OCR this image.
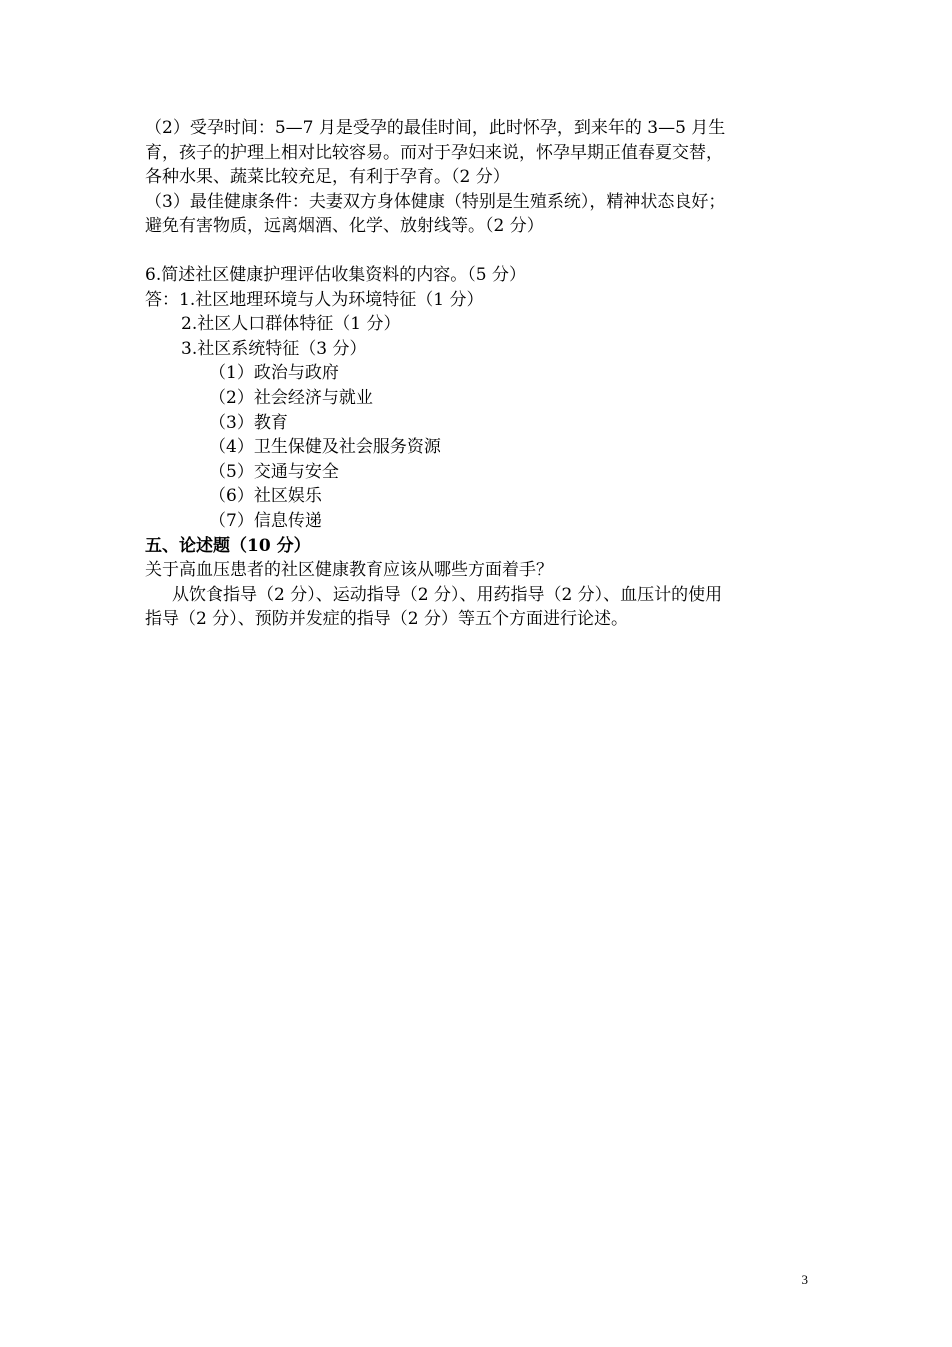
（2）受孕时间：5—7 月是受孕的最佳时间，此时怀孕，到来年的 3—5 月生

育，孩子的护理上相对比较容易。而对于孕妇来说，怀孕早期正值春夏交替，

各种水果、蔬菜比较充足，有利于孕育。（2 分）

（3）最佳健康条件：夫妻双方身体健康（特别是生殖系统），精神状态良好；

避免有害物质，远离烟酒、化学、放射线等。（2 分）

6.简述社区健康护理评估收集资料的内容。（5 分）

答：1.社区地理环境与人为环境特征（1 分）

2.社区人口群体特征（1 分）

3.社区系统特征（3 分）

（1）政治与政府

（2）社会经济与就业

（3）教育

（4）卫生保健及社会服务资源

（5）交通与安全

（6）社区娱乐

（7）信息传递

五、论述题（10 分）

关于高血压患者的社区健康教育应该从哪些方面着手？

从饮食指导（2 分）、运动指导（2 分）、用药指导（2 分）、血压计的使用

指导（2 分）、预防并发症的指导（2 分）等五个方面进行论述。

3
